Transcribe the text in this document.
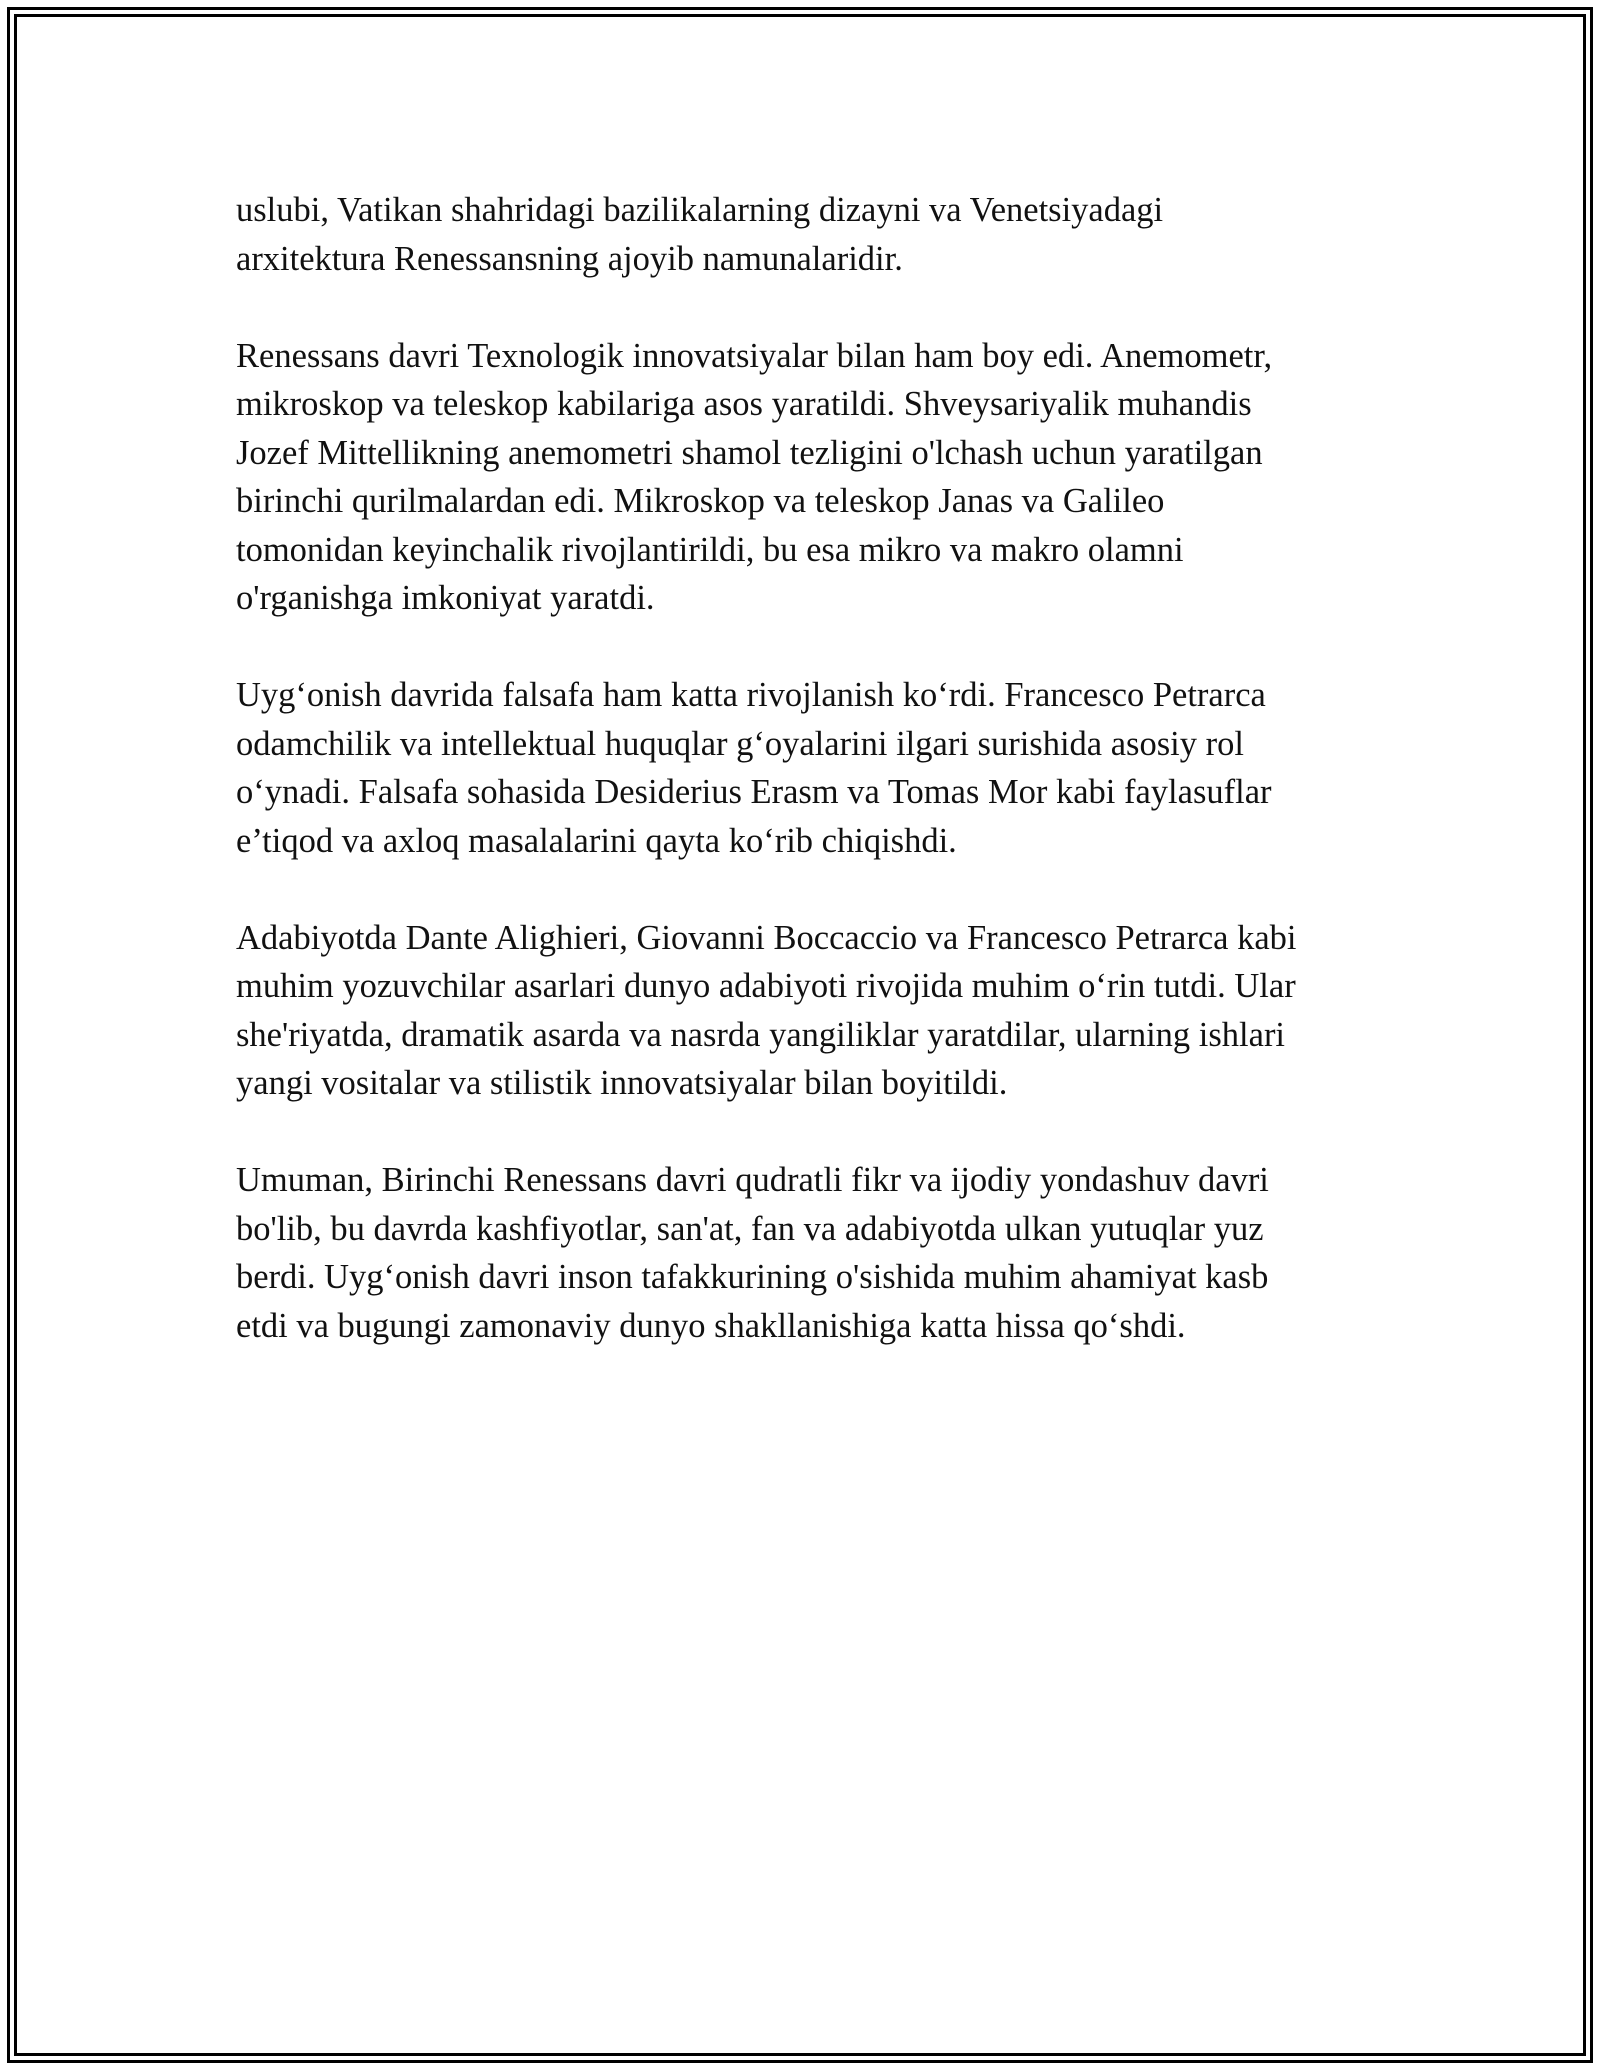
uslubi, Vatikan shahridagi bazilikalarning dizayni va Venetsiyadagi
arxitektura Renessansning ajoyib namunalaridir.

Renessans davri Texnologik innovatsiyalar bilan ham boy edi. Anemometr,
mikroskop va teleskop kabilariga asos yaratildi. Shveysariyalik muhandis
Jozef Mittellikning anemometri shamol tezligini o'lchash uchun yaratilgan
birinchi qurilmalardan edi. Mikroskop va teleskop Janas va Galileo
tomonidan keyinchalik rivojlantirildi, bu esa mikro va makro olamni
o'rganishga imkoniyat yaratdi.

Uyg‘onish davrida falsafa ham katta rivojlanish ko‘rdi. Francesco Petrarca
odamchilik va intellektual huquqlar g‘oyalarini ilgari surishida asosiy rol
o‘ynadi. Falsafa sohasida Desiderius Erasm va Tomas Mor kabi faylasuflar
e’tiqod va axloq masalalarini qayta ko‘rib chiqishdi.

Adabiyotda Dante Alighieri, Giovanni Boccaccio va Francesco Petrarca kabi
muhim yozuvchilar asarlari dunyo adabiyoti rivojida muhim o‘rin tutdi. Ular
she'riyatda, dramatik asarda va nasrda yangiliklar yaratdilar, ularning ishlari
yangi vositalar va stilistik innovatsiyalar bilan boyitildi.

Umuman, Birinchi Renessans davri qudratli fikr va ijodiy yondashuv davri
bo'lib, bu davrda kashfiyotlar, san'at, fan va adabiyotda ulkan yutuqlar yuz
berdi. Uyg‘onish davri inson tafakkurining o'sishida muhim ahamiyat kasb
etdi va bugungi zamonaviy dunyo shakllanishiga katta hissa qo‘shdi.
